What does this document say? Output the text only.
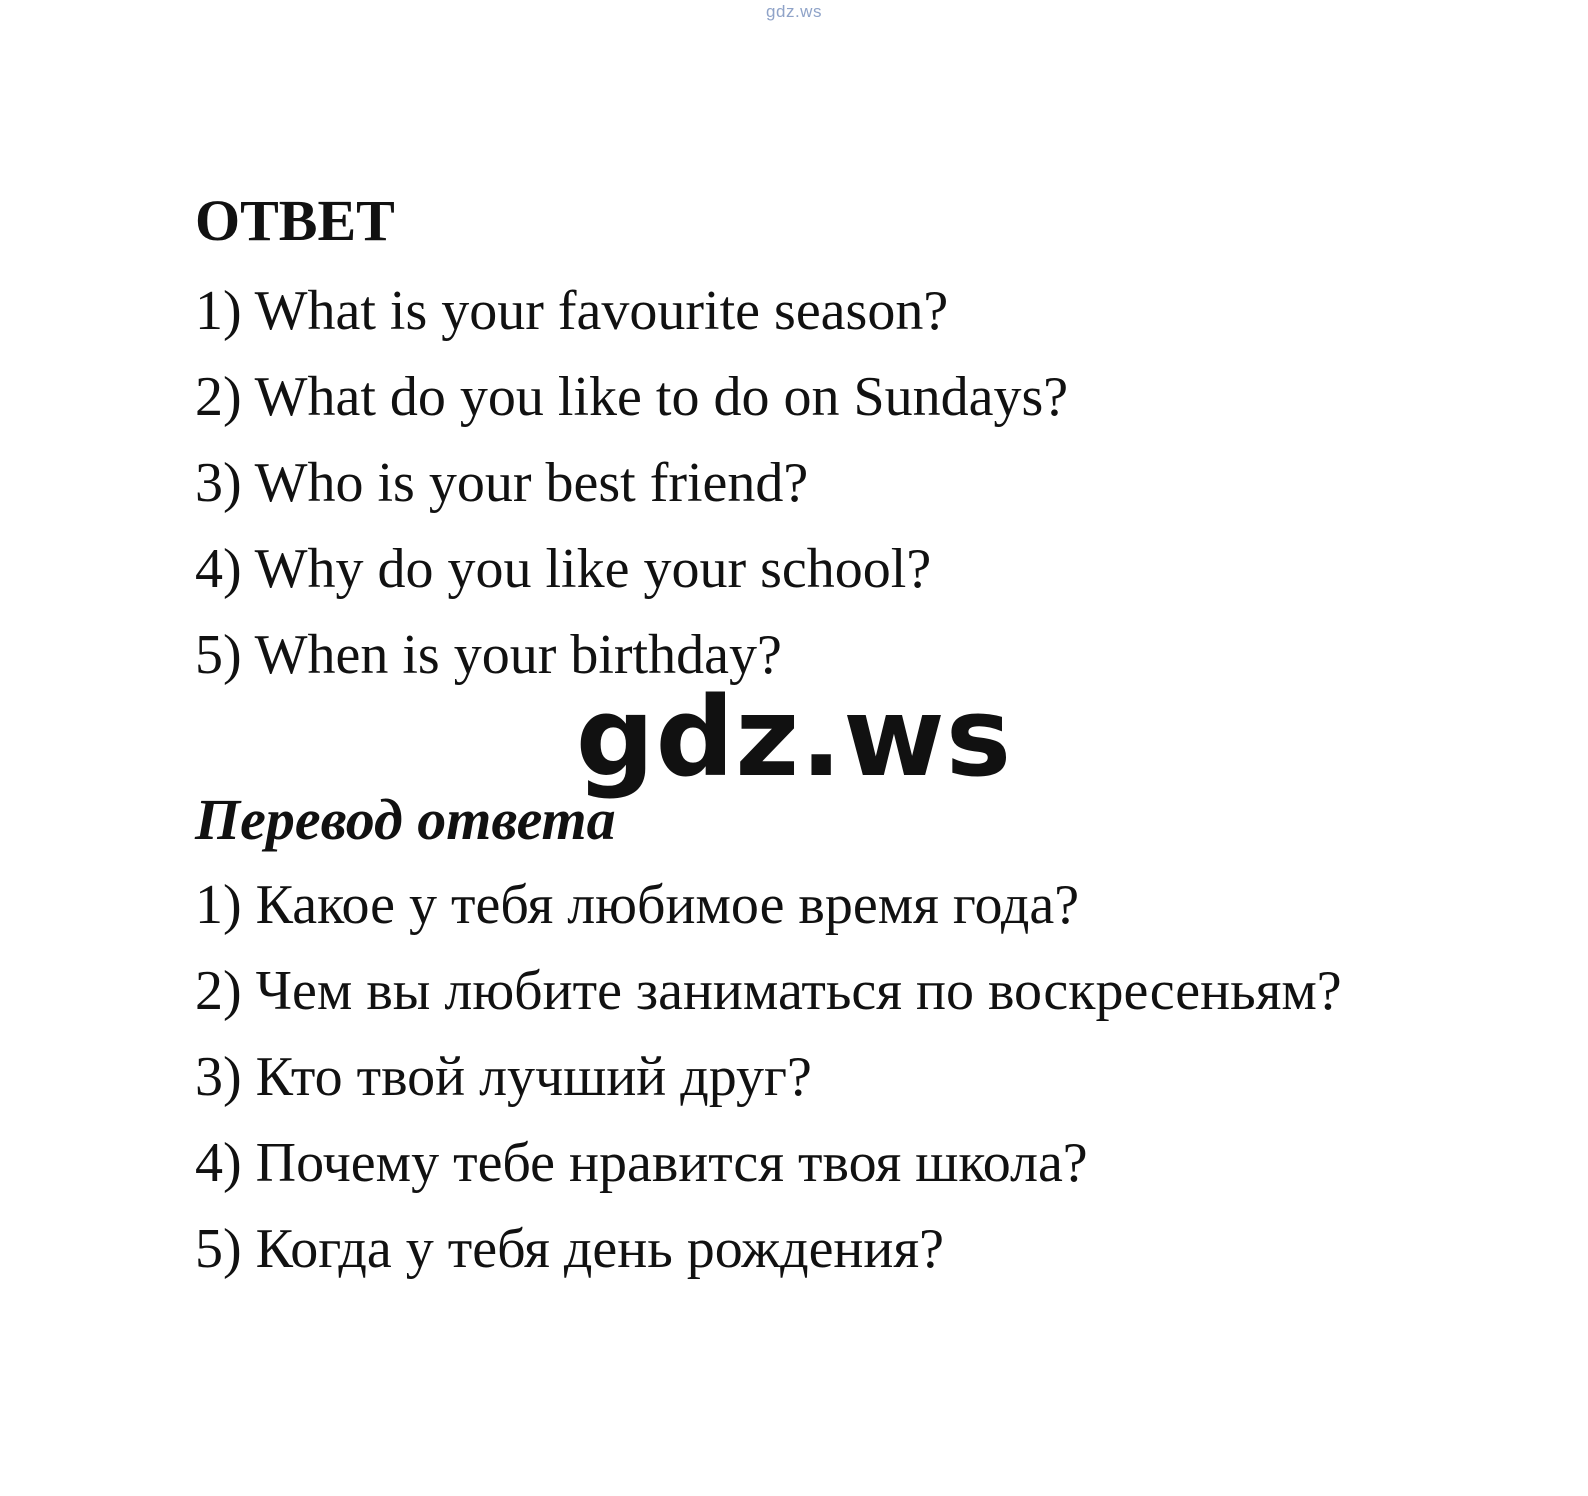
gdz.ws
ОТВЕТ
1) What is your favourite season?
2) What do you like to do on Sundays?
3) Who is your best friend?
4) Why do you like your school?
5) When is your birthday?
gdz.ws
Перевод ответа
1) Какое у тебя любимое время года?
2) Чем вы любите заниматься по воскресеньям?
3) Кто твой лучший друг?
4) Почему тебе нравится твоя школа?
5) Когда у тебя день рождения?
